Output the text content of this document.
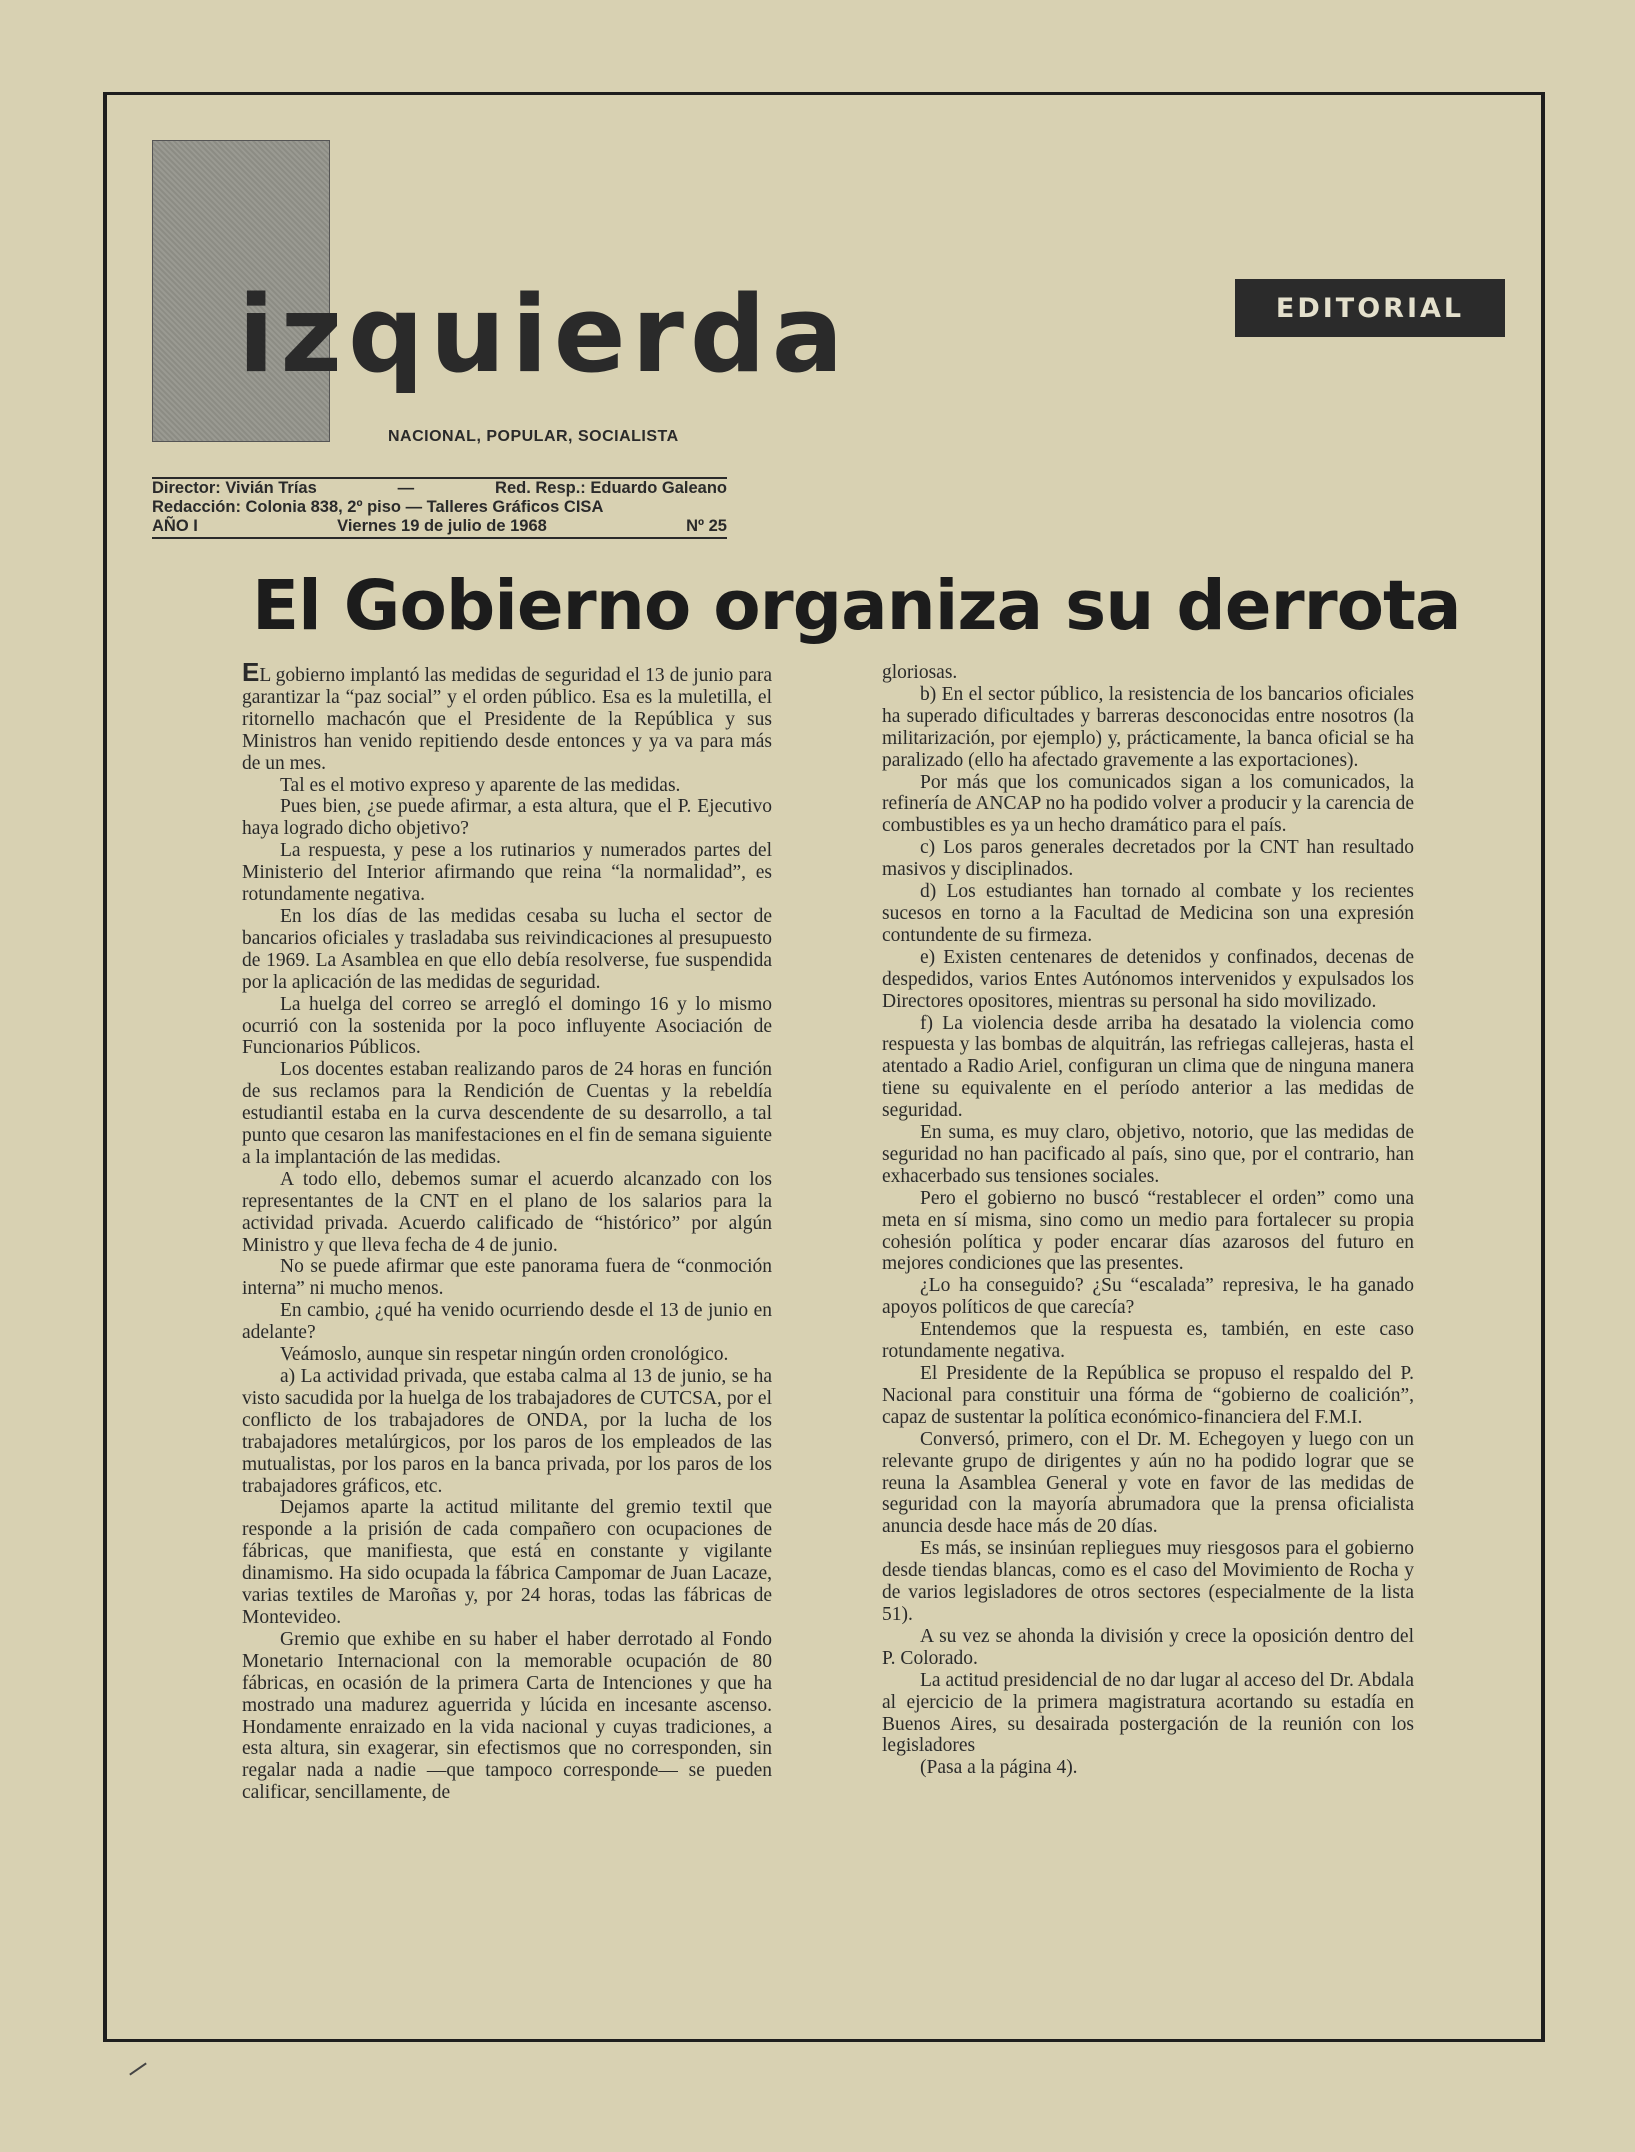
izquierda
NACIONAL, POPULAR, SOCIALISTA
EDITORIAL
Director: Vivián Trías	—	Red. Resp.: Eduardo Galeano
Redacción: Colonia 838, 2º piso — Talleres Gráficos CISA
AÑO I	Viernes 19 de julio de 1968	Nº 25
El Gobierno organiza su derrota

EL gobierno implantó las medidas de seguridad el 13 de junio para garantizar la “paz social” y el orden público. Esa es la muletilla, el ritornello machacón que el Presidente de la República y sus Ministros han venido repitiendo desde entonces y ya va para más de un mes.

Tal es el motivo expreso y aparente de las medidas.

Pues bien, ¿se puede afirmar, a esta altura, que el P. Ejecutivo haya logrado dicho objetivo?

La respuesta, y pese a los rutinarios y numerados partes del Ministerio del Interior afirmando que reina “la normalidad”, es rotundamente negativa.

En los días de las medidas cesaba su lucha el sector de bancarios oficiales y trasladaba sus reivindicaciones al presupuesto de 1969. La Asamblea en que ello debía resolverse, fue suspendida por la aplicación de las medidas de seguridad.

La huelga del correo se arregló el domingo 16 y lo mismo ocurrió con la sostenida por la poco influyente Asociación de Funcionarios Públicos.

Los docentes estaban realizando paros de 24 horas en función de sus reclamos para la Rendición de Cuentas y la rebeldía estudiantil estaba en la curva descendente de su desarrollo, a tal punto que cesaron las manifestaciones en el fin de semana siguiente a la implantación de las medidas.

A todo ello, debemos sumar el acuerdo alcanzado con los representantes de la CNT en el plano de los salarios para la actividad privada. Acuerdo calificado de “histórico” por algún Ministro y que lleva fecha de 4 de junio.

No se puede afirmar que este panorama fuera de “conmoción interna” ni mucho menos.

En cambio, ¿qué ha venido ocurriendo desde el 13 de junio en adelante?

Veámoslo, aunque sin respetar ningún orden cronológico.

a) La actividad privada, que estaba calma al 13 de junio, se ha visto sacudida por la huelga de los trabajadores de CUTCSA, por el conflicto de los trabajadores de ONDA, por la lucha de los trabajadores metalúrgicos, por los paros de los empleados de las mutualistas, por los paros en la banca privada, por los paros de los trabajadores gráficos, etc.

Dejamos aparte la actitud militante del gremio textil que responde a la prisión de cada compañero con ocupaciones de fábricas, que manifiesta, que está en constante y vigilante dinamismo. Ha sido ocupada la fábrica Campomar de Juan Lacaze, varias textiles de Maroñas y, por 24 horas, todas las fábricas de Montevideo.

Gremio que exhibe en su haber el haber derrotado al Fondo Monetario Internacional con la memorable ocupación de 80 fábricas, en ocasión de la primera Carta de Intenciones y que ha mostrado una madurez aguerrida y lúcida en incesante ascenso. Hondamente enraizado en la vida nacional y cuyas tradiciones, a esta altura, sin exagerar, sin efectismos que no corresponden, sin regalar nada a nadie —que tampoco corresponde— se pueden calificar, sencillamente, de

gloriosas.

b) En el sector público, la resistencia de los bancarios oficiales ha superado dificultades y barreras desconocidas entre nosotros (la militarización, por ejemplo) y, prácticamente, la banca oficial se ha paralizado (ello ha afectado gravemente a las exportaciones).

Por más que los comunicados sigan a los comunicados, la refinería de ANCAP no ha podido volver a producir y la carencia de combustibles es ya un hecho dramático para el país.

c) Los paros generales decretados por la CNT han resultado masivos y disciplinados.

d) Los estudiantes han tornado al combate y los recientes sucesos en torno a la Facultad de Medicina son una expresión contundente de su firmeza.

e) Existen centenares de detenidos y confinados, decenas de despedidos, varios Entes Autónomos intervenidos y expulsados los Directores opositores, mientras su personal ha sido movilizado.

f) La violencia desde arriba ha desatado la violencia como respuesta y las bombas de alquitrán, las refriegas callejeras, hasta el atentado a Radio Ariel, configuran un clima que de ninguna manera tiene su equivalente en el período anterior a las medidas de seguridad.

En suma, es muy claro, objetivo, notorio, que las medidas de seguridad no han pacificado al país, sino que, por el contrario, han exhacerbado sus tensiones sociales.

Pero el gobierno no buscó “restablecer el orden” como una meta en sí misma, sino como un medio para fortalecer su propia cohesión política y poder encarar días azarosos del futuro en mejores condiciones que las presentes.

¿Lo ha conseguido? ¿Su “escalada” represiva, le ha ganado apoyos políticos de que carecía?

Entendemos que la respuesta es, también, en este caso rotundamente negativa.

El Presidente de la República se propuso el respaldo del P. Nacional para constituir una fórma de “gobierno de coalición”, capaz de sustentar la política económico-financiera del F.M.I.

Conversó, primero, con el Dr. M. Echegoyen y luego con un relevante grupo de dirigentes y aún no ha podido lograr que se reuna la Asamblea General y vote en favor de las medidas de seguridad con la mayoría abrumadora que la prensa oficialista anuncia desde hace más de 20 días.

Es más, se insinúan repliegues muy riesgosos para el gobierno desde tiendas blancas, como es el caso del Movimiento de Rocha y de varios legisladores de otros sectores (especialmente de la lista 51).

A su vez se ahonda la división y crece la oposición dentro del P. Colorado.

La actitud presidencial de no dar lugar al acceso del Dr. Abdala al ejercicio de la primera magistratura acortando su estadía en Buenos Aires, su desairada postergación de la reunión con los legisladores

(Pasa a la página 4).
